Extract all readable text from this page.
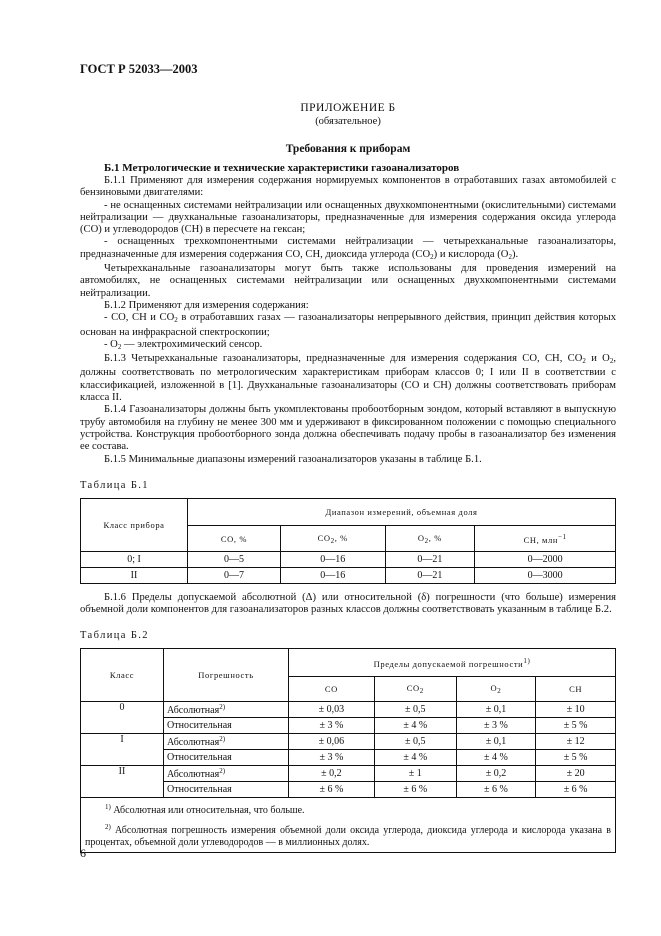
ГОСТ Р 52033—2003
ПРИЛОЖЕНИЕ Б
(обязательное)
Требования к приборам
Б.1 Метрологические и технические характеристики газоанализаторов

Б.1.1 Применяют для измерения содержания нормируемых компонентов в отработавших газах автомобилей с бензиновыми двигателями:

- не оснащенных системами нейтрализации или оснащенных двухкомпонентными (окислительными) системами нейтрализации — двухканальные газоанализаторы, предназначенные для измерения содержания оксида углерода (СО) и углеводородов (СН) в пересчете на гексан;

- оснащенных трехкомпонентными системами нейтрализации — четырехканальные газоанализаторы, предназначенные для измерения содержания СО, СН, диоксида углерода $(СО_2)$ и кислорода $(О_2)$.

Четырехканальные газоанализаторы могут быть также использованы для проведения измерений на автомобилях, не оснащенных системами нейтрализации или оснащенных двухкомпонентными системами нейтрализации.

Б.1.2 Применяют для измерения содержания:

- СО, СН и $СО_2$ в отработавших газах — газоанализаторы непрерывного действия, принцип действия которых основан на инфракрасной спектроскопии;

- $О_2$ — электрохимический сенсор.

Б.1.3 Четырехканальные газоанализаторы, предназначенные для измерения содержания СО, СН, $СО_2$ и $О_2$, должны соответствовать по метрологическим характеристикам приборам классов 0; I или II в соответствии с классификацией, изложенной в [1]. Двухканальные газоанализаторы (СО и СН) должны соответствовать приборам класса II.

Б.1.4 Газоанализаторы должны быть укомплектованы пробоотборным зондом, который вставляют в выпускную трубу автомобиля на глубину не менее 300 мм и удерживают в фиксированном положении с помощью специального устройства. Конструкция пробоотборного зонда должна обеспечивать подачу пробы в газоанализатор без изменения ее состава.

Б.1.5 Минимальные диапазоны измерений газоанализаторов указаны в таблице Б.1.

Таблица Б.1
Класс прибора	Диапазон измерений, объемная доля			
	СО, %	$СО_2$, %	$О_2$, %	СН, млн$^{-1}$
0; I	0—5	0—16	0—21	0—2000
II	0—7	0—16	0—21	0—3000

Б.1.6 Пределы допускаемой абсолютной (Δ) или относительной (δ) погрешности (что больше) измерения объемной доли компонентов для газоанализаторов разных классов должны соответствовать указанным в таблице Б.2.

Таблица Б.2
Класс	Погрешность	Пределы допускаемой погрешности$^{1)}$
		СО	$СО_2$	$О_2$	СН
0	Абсолютная$^{2)}$	± 0,03	± 0,5	± 0,1	± 10
	Относительная	± 3 %	± 4 %	± 3 %	± 5 %
I	Абсолютная$^{2)}$	± 0,06	± 0,5	± 0,1	± 12
	Относительная	± 3 %	± 4 %	± 4 %	± 5 %
II	Абсолютная$^{2)}$	± 0,2	± 1	± 0,2	± 20
	Относительная	± 6 %	± 6 %	± 6 %	± 6 %

$^{1)}$ Абсолютная или относительная, что больше.
$^{2)}$ Абсолютная погрешность измерения объемной доли оксида углерода, диоксида углерода и кислорода указана в процентах, объемной доли углеводородов — в миллионных долях.					
6
